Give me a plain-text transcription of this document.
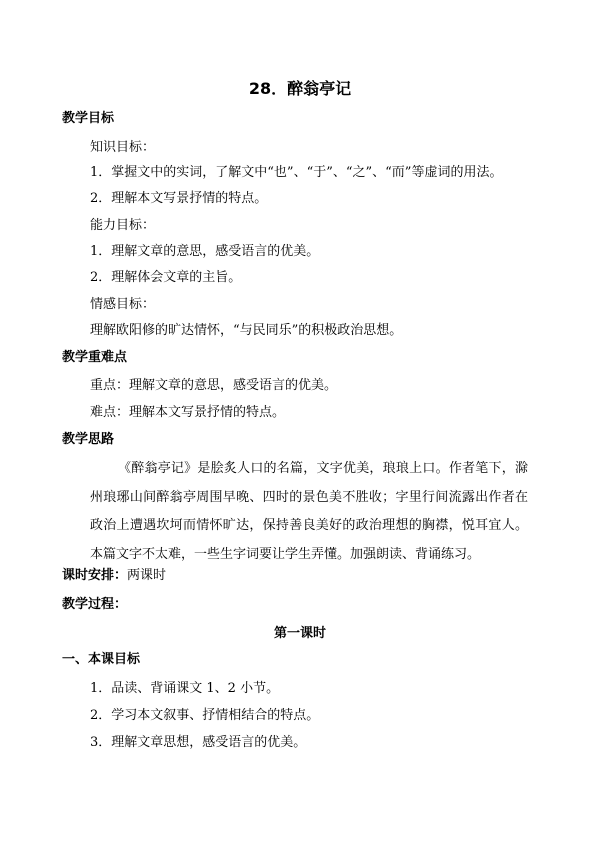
28．醉翁亭记
教学目标
知识目标：
1．掌握文中的实词，了解文中“也”、“于”、“之”、“而”等虚词的用法。
2．理解本文写景抒情的特点。
能力目标：
1．理解文章的意思，感受语言的优美。
2．理解体会文章的主旨。
情感目标：
理解欧阳修的旷达情怀，“与民同乐”的积极政治思想。
教学重难点
重点：理解文章的意思，感受语言的优美。
难点：理解本文写景抒情的特点。
教学思路
《醉翁亭记》是脍炙人口的名篇，文字优美，琅琅上口。作者笔下，滁州琅琊山间醉翁亭周围早晚、四时的景色美不胜收；字里行间流露出作者在政治上遭遇坎坷而情怀旷达，保持善良美好的政治理想的胸襟，悦耳宜人。本篇文字不太难，一些生字词要让学生弄懂。加强朗读、背诵练习。
课时安排：两课时
教学过程：
第一课时
一、本课目标
1．品读、背诵课文 1、2 小节。
2．学习本文叙事、抒情相结合的特点。
3．理解文章思想，感受语言的优美。
